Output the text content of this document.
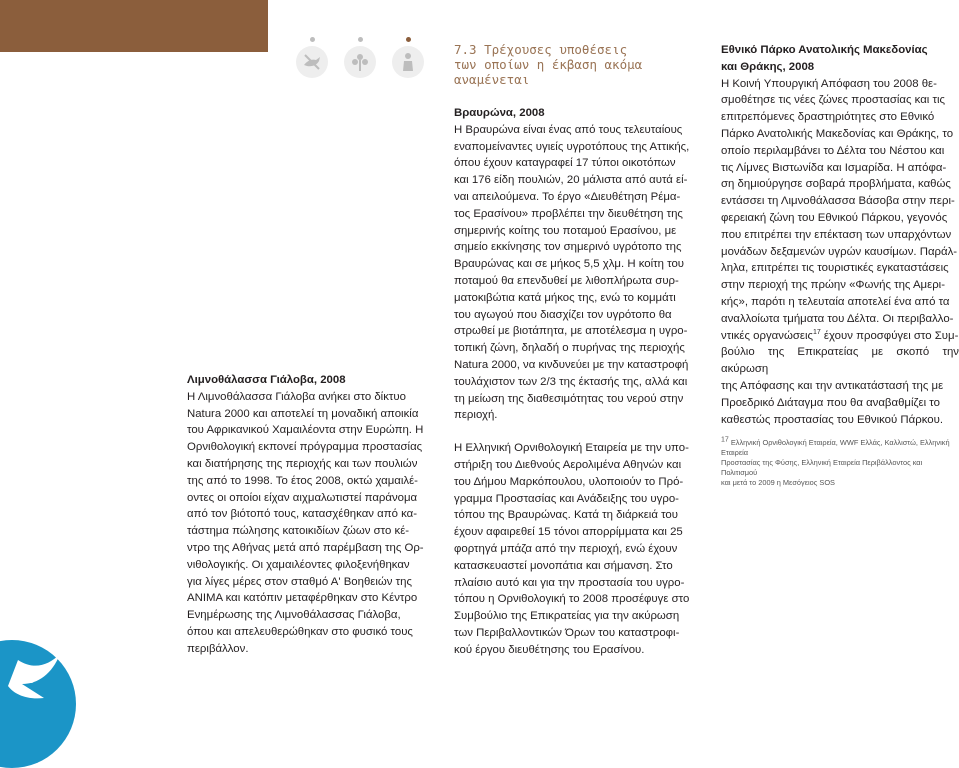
Λιμνοθάλασσα Γιάλοβα, 2008

Η Λιμνοθάλασσα Γιάλοβα ανήκει στο δίκτυο

Natura 2000 και αποτελεί τη μοναδική αποικία

του Αφρικανικού Χαμαιλέοντα στην Ευρώπη. Η

Ορνιθολογική εκπονεί πρόγραμμα προστασίας

και διατήρησης της περιοχής και των πουλιών

της από το 1998. Το έτος 2008, οκτώ χαμαιλέ-

οντες οι οποίοι είχαν αιχμαλωτιστεί παράνομα

από τον βιότοπό τους, κατασχέθηκαν από κα-

τάστημα πώλησης κατοικιδίων ζώων στο κέ-

ντρο της Αθήνας μετά από παρέμβαση της Ορ-

νιθολογικής. Οι χαμαιλέοντες φιλοξενήθηκαν

για λίγες μέρες στον σταθμό Α' Βοηθειών της

ΑΝΙΜΑ και κατόπιν μεταφέρθηκαν στο Κέντρο

Ενημέρωσης της Λιμνοθάλασσας Γιάλοβα,

όπου και απελευθερώθηκαν στο φυσικό τους

περιβάλλον.

7.3 Τρέχουσες υποθέσεις
των οποίων η έκβαση ακόμα
αναμένεται

Βραυρώνα, 2008

Η Βραυρώνα είναι ένας από τους τελευταίους

εναπομείναντες υγιείς υγροτόπους της Αττικής,

όπου έχουν καταγραφεί 17 τύποι οικοτόπων

και 176 είδη πουλιών, 20 μάλιστα από αυτά εί-

ναι απειλούμενα. Το έργο «Διευθέτηση Ρέμα-

τος Ερασίνου» προβλέπει την διευθέτηση της

σημερινής κοίτης του ποταμού Ερασίνου, με

σημείο εκκίνησης τον σημερινό υγρότοπο της

Βραυρώνας και σε μήκος 5,5 χλμ. Η κοίτη του

ποταμού θα επενδυθεί με λιθοπλήρωτα συρ-

ματοκιβώτια κατά μήκος της, ενώ το κομμάτι

του αγωγού που διασχίζει τον υγρότοπο θα

στρωθεί με βιοτάπητα, με αποτέλεσμα η υγρο-

τοπική ζώνη, δηλαδή ο πυρήνας της περιοχής

Natura 2000, να κινδυνεύει με την καταστροφή

τουλάχιστον των 2/3 της έκτασής της, αλλά και

τη μείωση της διαθεσιμότητας του νερού στην

περιοχή.

Η Ελληνική Ορνιθολογική Εταιρεία με την υπο-

στήριξη του Διεθνούς Αερολιμένα Αθηνών και

του Δήμου Μαρκόπουλου, υλοποιούν το Πρό-

γραμμα Προστασίας και Ανάδειξης του υγρο-

τόπου της Βραυρώνας. Κατά τη διάρκειά του

έχουν αφαιρεθεί 15 τόνοι απορρίμματα και 25

φορτηγά μπάζα από την περιοχή, ενώ έχουν

κατασκευαστεί μονοπάτια και σήμανση. Στο

πλαίσιο αυτό και για την προστασία του υγρο-

τόπου η Ορνιθολογική το 2008 προσέφυγε στο

Συμβούλιο της Επικρατείας για την ακύρωση

των Περιβαλλοντικών Όρων του καταστροφι-

κού έργου διευθέτησης του Ερασίνου.

Εθνικό Πάρκο Ανατολικής Μακεδονίας

και Θράκης, 2008

Η Κοινή Υπουργική Απόφαση του 2008 θε-

σμοθέτησε τις νέες ζώνες προστασίας και τις

επιτρεπόμενες δραστηριότητες στο Εθνικό

Πάρκο Ανατολικής Μακεδονίας και Θράκης, το

οποίο περιλαμβάνει το Δέλτα του Νέστου και

τις Λίμνες Βιστωνίδα και Ισμαρίδα. Η απόφα-

ση δημιούργησε σοβαρά προβλήματα, καθώς

εντάσσει τη Λιμνοθάλασσα Βάσοβα στην περι-

φερειακή ζώνη του Εθνικού Πάρκου, γεγονός

που επιτρέπει την επέκταση των υπαρχόντων

μονάδων δεξαμενών υγρών καυσίμων. Παράλ-

ληλα, επιτρέπει τις τουριστικές εγκαταστάσεις

στην περιοχή της πρώην «Φωνής της Αμερι-

κής», παρότι η τελευταία αποτελεί ένα από τα

αναλλοίωτα τμήματα του Δέλτα. Οι περιβαλλο-

ντικές οργανώσεις$^{17}$ έχουν προσφύγει στο Συμ-

βούλιο της Επικρατείας με σκοπό την ακύρωση

της Απόφασης και την αντικατάστασή της με

Προεδρικό Διάταγμα που θα αναβαθμίζει το

καθεστώς προστασίας του Εθνικού Πάρκου.

$^{17}$ Ελληνική Ορνιθολογική Εταιρεία, WWF Ελλάς, Καλλιστώ, Ελληνική Εταιρεία
Προστασίας της Φύσης, Ελληνική Εταιρεία Περιβάλλοντος και Πολιτισμού
και μετά το 2009 η Μεσόγειος SOS
18
